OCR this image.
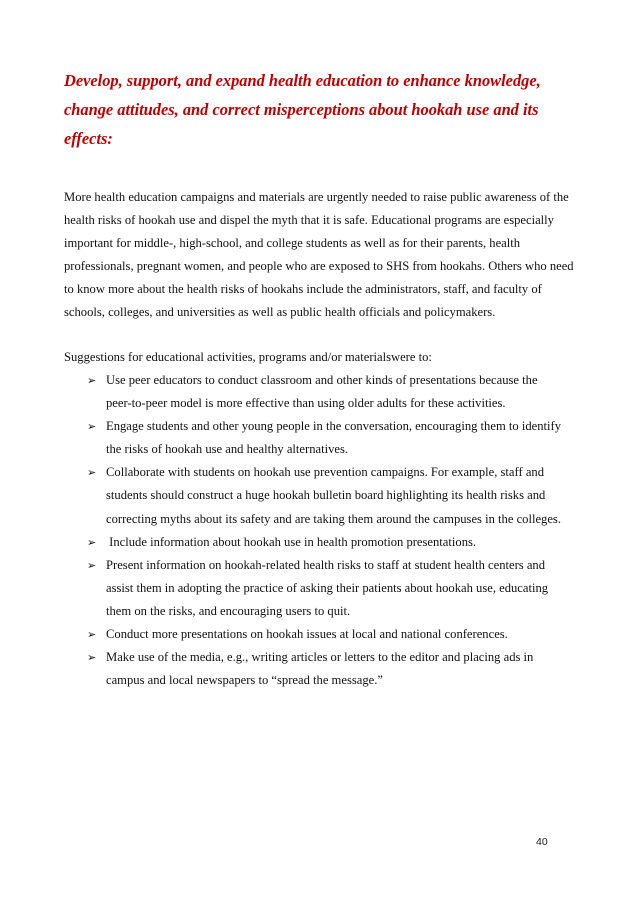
Develop, support, and expand health education to enhance knowledge, change attitudes, and correct misperceptions about hookah use and its effects:

More health education campaigns and materials are urgently needed to raise public awareness of the health risks of hookah use and dispel the myth that it is safe. Educational programs are especially important for middle-, high-school, and college students as well as for their parents, health professionals, pregnant women, and people who are exposed to SHS from hookahs. Others who need to know more about the health risks of hookahs include the administrators, staff, and faculty of schools, colleges, and universities as well as public health officials and policymakers.

Suggestions for educational activities, programs and/or materialswere to:

➢ Use peer educators to conduct classroom and other kinds of presentations because the peer-to-peer model is more effective than using older adults for these activities.
➢ Engage students and other young people in the conversation, encouraging them to identify the risks of hookah use and healthy alternatives.
➢ Collaborate with students on hookah use prevention campaigns. For example, staff and students should construct a huge hookah bulletin board highlighting its health risks and correcting myths about its safety and are taking them around the campuses in the colleges.
➢ Include information about hookah use in health promotion presentations.
➢ Present information on hookah-related health risks to staff at student health centers and assist them in adopting the practice of asking their patients about hookah use, educating them on the risks, and encouraging users to quit.
➢ Conduct more presentations on hookah issues at local and national conferences.
➢ Make use of the media, e.g., writing articles or letters to the editor and placing ads in campus and local newspapers to “spread the message.”
40
